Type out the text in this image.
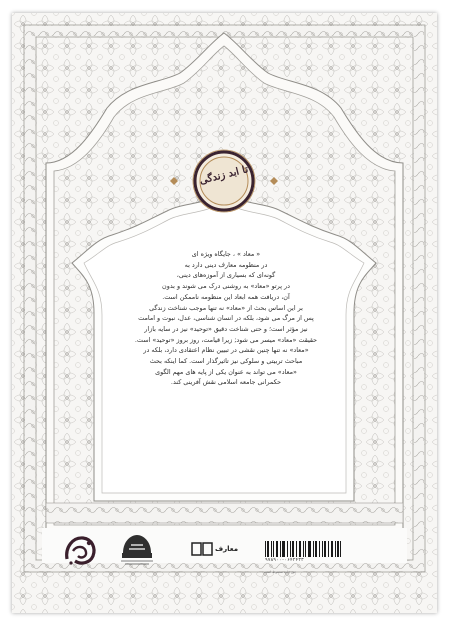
تا ابد زندگی
« معاد » ، جایگاه ویژه ای
در منظومه معارف دینی دارد به
گونه‌ای که بسیاری از آموزه‌های دینی،
در پرتو «معاد» به روشنی درک می شوند و بدون
آن، دریافت همه ابعاد این منظومه ناممکن است.
بر این اساس بحث از «معاد» نه تنها موجب شناخت زندگی
پس از مرگ می شود، بلکه در انسان شناسی، عدل، نبوت و امامت
نیز مؤثر است؛ و حتی شناخت دقیق «توحید» نیز در سایه بازار
حقیقت «معاد» میسر می شود; زیرا قیامت، روز بروز «توحید» است.
«معاد» نه تنها چنین نقشی در تبیین نظام اعتقادی دارد، بلکه در
مباحث تربیتی و سلوکی نیز تاثیرگذار است. کما اینکه بحث
«معاد» می تواند به عنوان یکی از پایه های مهم الگوی
حکمرانی جامعه اسلامی نقش آفرینی کند.
معارف
۹۷۸۹۰۰-۰۶۴۲۴۳۳
حق چاپ محفوظ است
